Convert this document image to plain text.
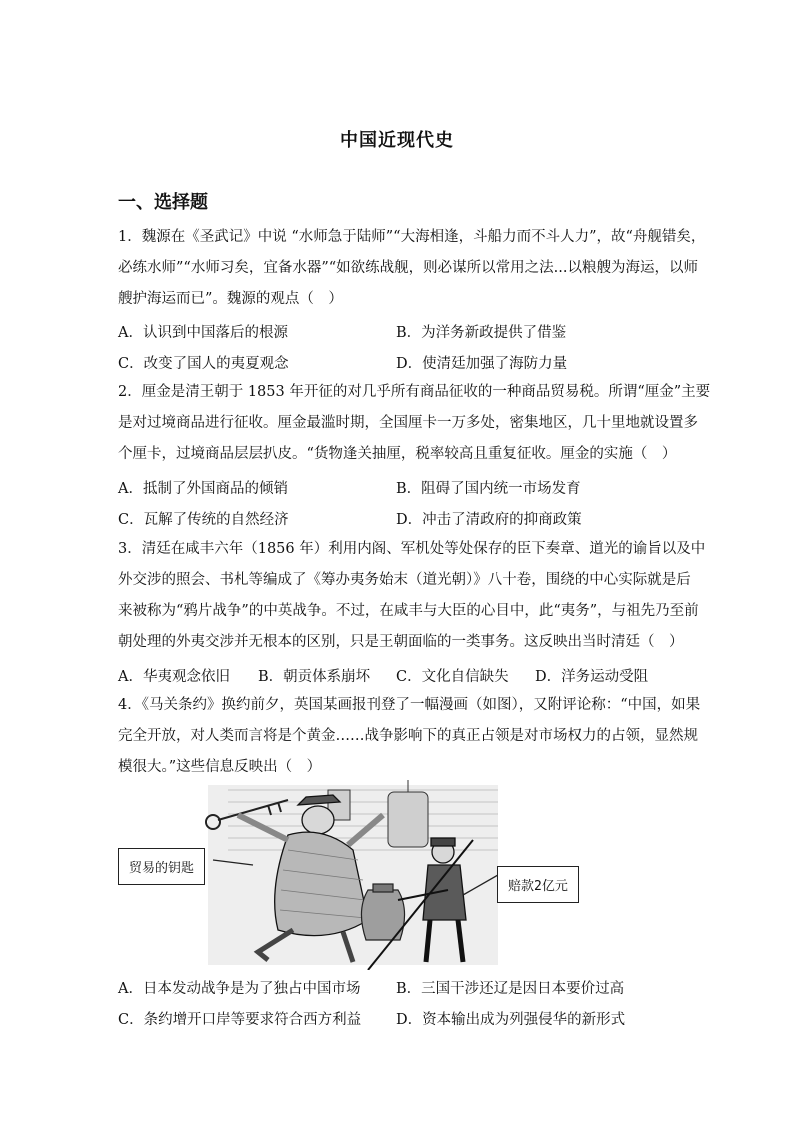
中国近现代史
一、选择题
1．魏源在《圣武记》中说 “水师急于陆师”“大海相逢，斗船力而不斗人力”，故“舟舰错矣，
必练水师”“水师习矣，宜备水器”“如欲练战舰，则必谋所以常用之法...以粮艘为海运，以师
艘护海运而已”。魏源的观点（　）
A．认识到中国落后的根源	B．为洋务新政提供了借鉴
C．改变了国人的夷夏观念	D．使清廷加强了海防力量
2．厘金是清王朝于 1853 年开征的对几乎所有商品征收的一种商品贸易税。所谓“厘金”主要
是对过境商品进行征收。厘金最滥时期，全国厘卡一万多处，密集地区，几十里地就设置多
个厘卡，过境商品层层扒皮。“货物逢关抽厘，税率较高且重复征收。厘金的实施（　）
A．抵制了外国商品的倾销	B．阻碍了国内统一市场发育
C．瓦解了传统的自然经济	D．冲击了清政府的抑商政策
3．清廷在咸丰六年（1856 年）利用内阁、军机处等处保存的臣下奏章、道光的谕旨以及中
外交涉的照会、书札等编成了《筹办夷务始末（道光朝）》八十卷，围绕的中心实际就是后
来被称为“鸦片战争”的中英战争。不过，在咸丰与大臣的心目中，此“夷务”，与祖先乃至前
朝处理的外夷交涉并无根本的区别，只是王朝面临的一类事务。这反映出当时清廷（　）
A．华夷观念依旧 B．朝贡体系崩坏 C．文化自信缺失 D．洋务运动受阻
4．《马关条约》换约前夕，英国某画报刊登了一幅漫画（如图），又附评论称：“中国，如果
完全开放，对人类而言将是个黄金……战争影响下的真正占领是对市场权力的占领，显然规
模很大。”这些信息反映出（　）
贸易的钥匙
赔款2亿元
A．日本发动战争是为了独占中国市场 B．三国干涉还辽是因日本要价过高
C．条约增开口岸等要求符合西方利益 D．资本输出成为列强侵华的新形式
